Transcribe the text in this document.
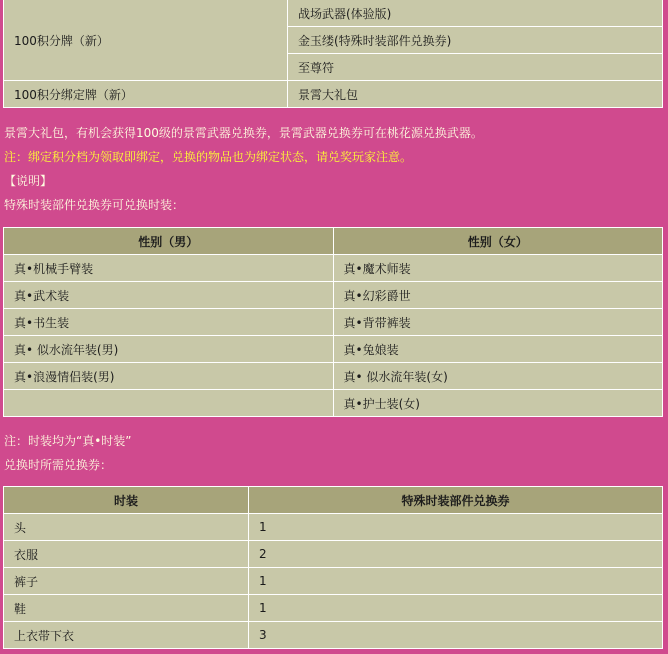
100积分牌（新）	战场武器(体验版)
	金玉缕(特殊时装部件兑换券)
	至尊符
100积分绑定牌（新）	景霄大礼包
景霄大礼包，有机会获得100级的景霄武器兑换券，景霄武器兑换券可在桃花源兑换武器。
注：绑定积分档为领取即绑定，兑换的物品也为绑定状态，请兑奖玩家注意。
【说明】
特殊时装部件兑换券可兑换时装：
性别（男）	性别（女）
真•机械手臂装	真•魔术师装
真•武术装	真•幻彩爵世
真•书生装	真•背带裤装
真• 似水流年装(男)	真•兔娘装
真•浪漫情侣装(男)	真• 似水流年装(女)
	真•护士装(女)
注：时装均为“真•时装”
兑换时所需兑换券：
时装	特殊时装部件兑换券
头	1
衣服	2
裤子	1
鞋	1
上衣带下衣	3
